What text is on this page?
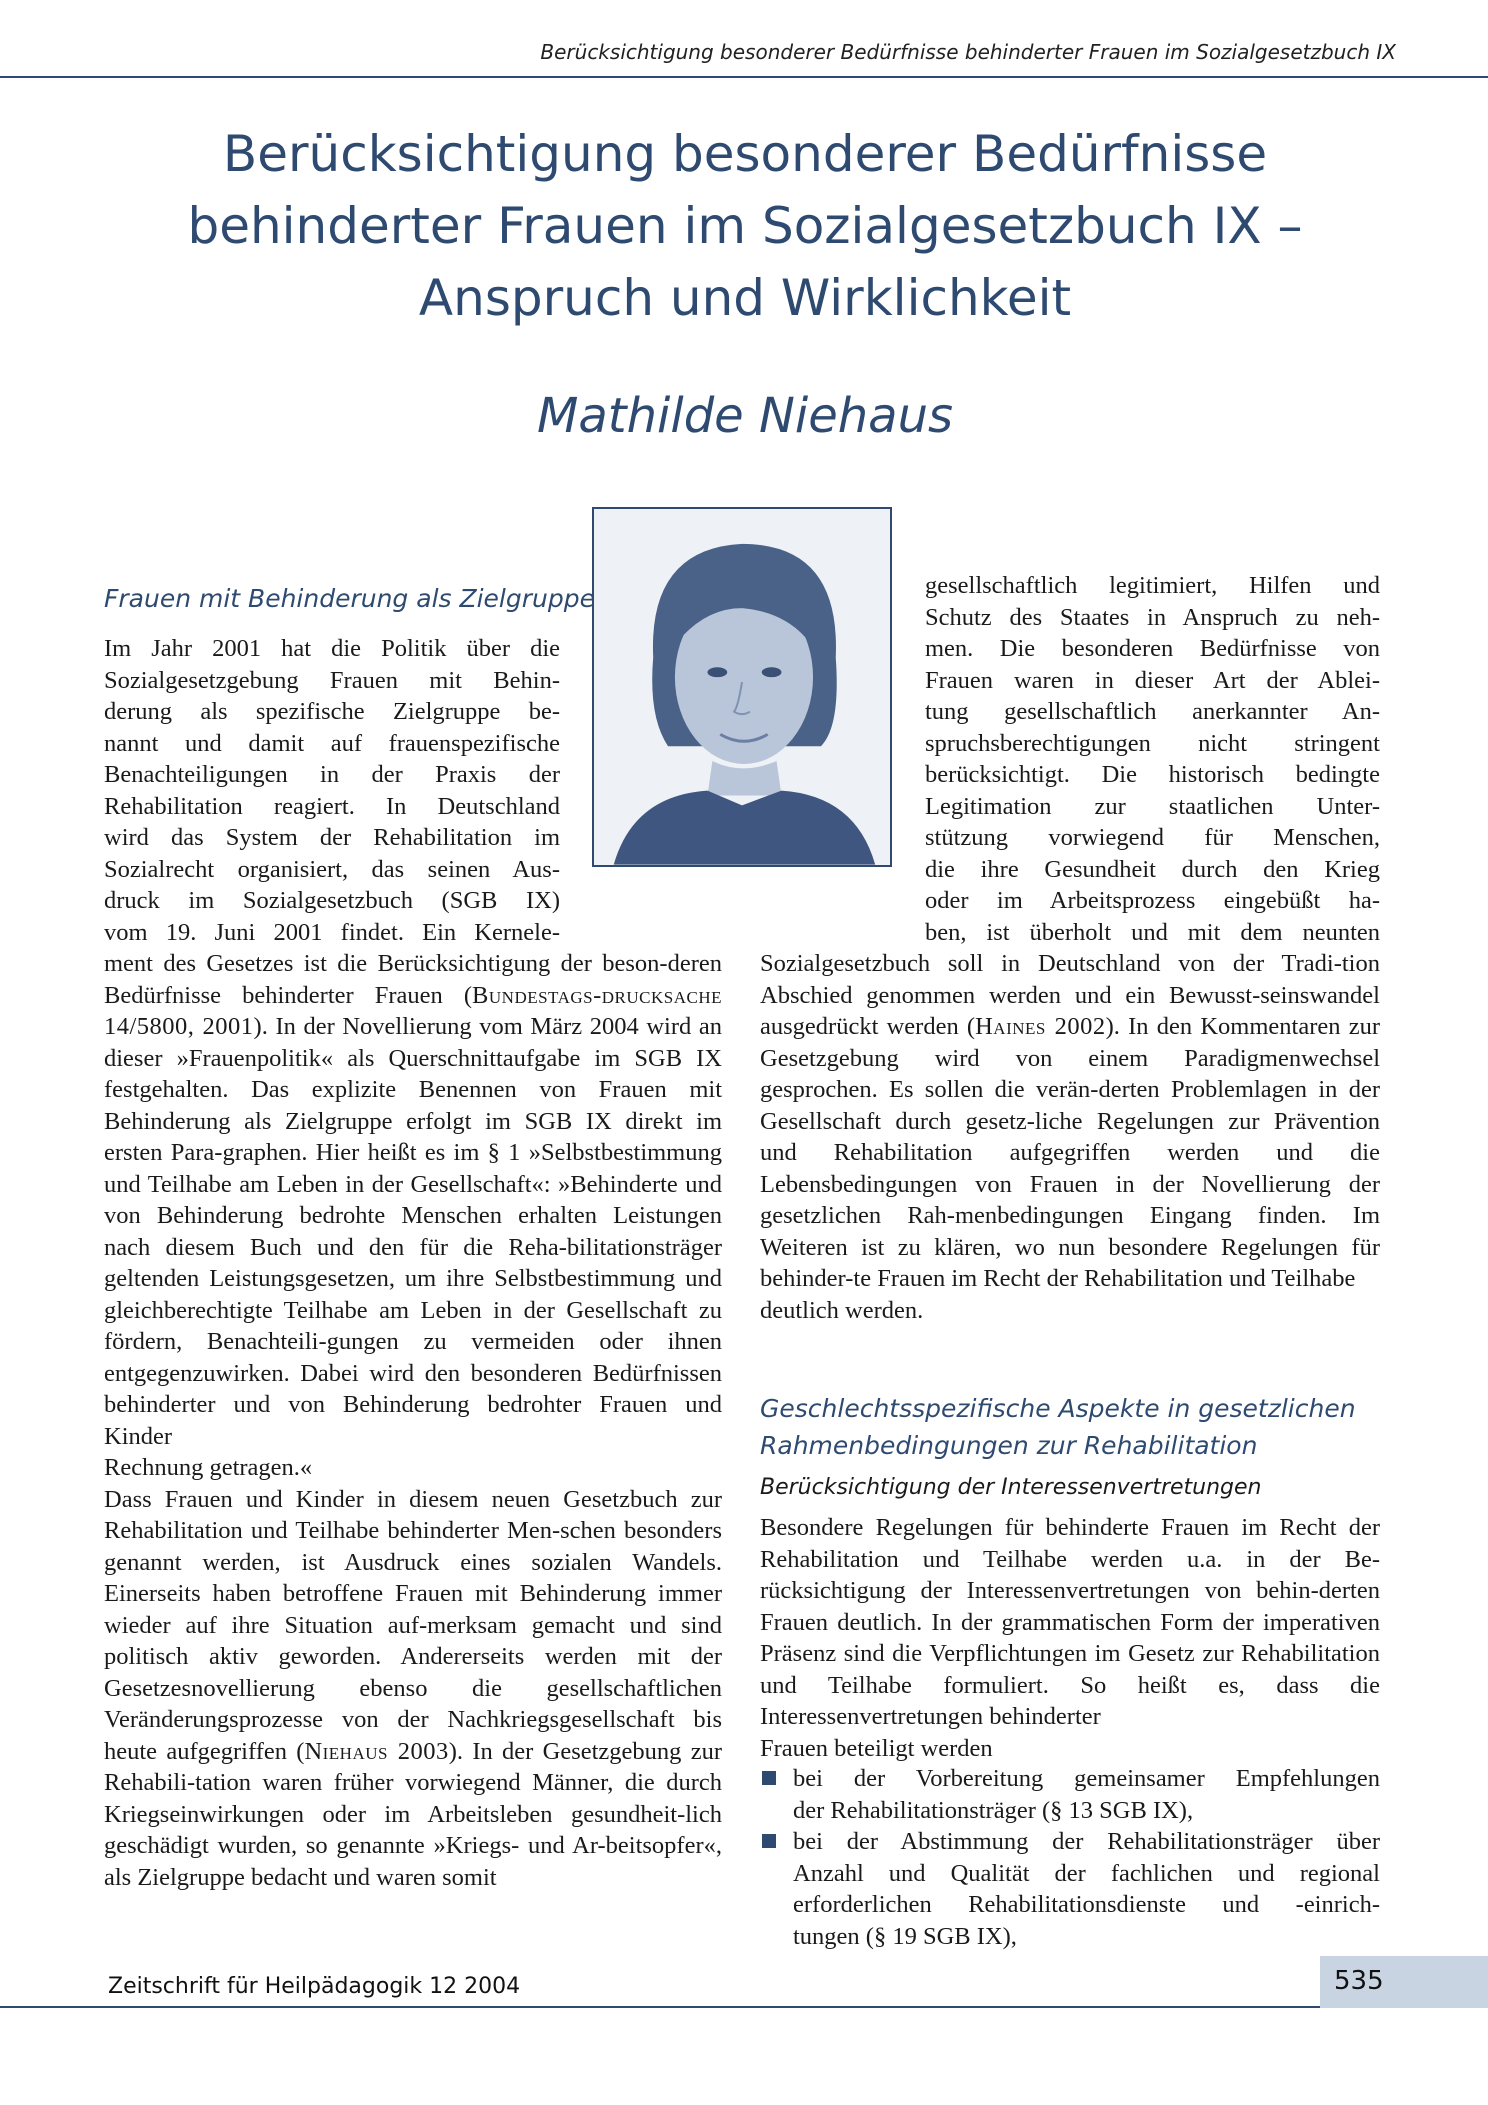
Berücksichtigung besonderer Bedürfnisse behinderter Frauen im Sozialgesetzbuch IX
Berücksichtigung besonderer Bedürfnisse
behinderter Frauen im Sozialgesetzbuch IX –
Anspruch und Wirklichkeit
Mathilde Niehaus
Frauen mit Behinderung als Zielgruppe
Im Jahr 2001 hat die Politik über die
Sozialgesetzgebung Frauen mit Behin-
derung als spezifische Zielgruppe be-
nannt und damit auf frauenspezifische
Benachteiligungen in der Praxis der
Rehabilitation reagiert. In Deutschland
wird das System der Rehabilitation im
Sozialrecht organisiert, das seinen Aus-
druck im Sozialgesetzbuch (SGB IX)
vom 19. Juni 2001 findet. Ein Kernele-

ment des Gesetzes ist die Berücksichtigung der beson-deren Bedürfnisse behinderter Frauen (Bundestags-drucksache 14/5800, 2001). In der Novellierung vom März 2004 wird an dieser »Frauenpolitik« als Querschnittaufgabe im SGB IX festgehalten. Das explizite Benennen von Frauen mit Behinderung als Zielgruppe erfolgt im SGB IX direkt im ersten Para-graphen. Hier heißt es im § 1 »Selbstbestimmung und Teilhabe am Leben in der Gesellschaft«: »Behinderte und von Behinderung bedrohte Menschen erhalten Leistungen nach diesem Buch und den für die Reha-bilitationsträger geltenden Leistungsgesetzen, um ihre Selbstbestimmung und gleichberechtigte Teilhabe am Leben in der Gesellschaft zu fördern, Benachteili-gungen zu vermeiden oder ihnen entgegenzuwirken. Dabei wird den besonderen Bedürfnissen behinderter und von Behinderung bedrohter Frauen und Kinder
Rechnung getragen.«

Dass Frauen und Kinder in diesem neuen Gesetzbuch zur Rehabilitation und Teilhabe behinderter Men-schen besonders genannt werden, ist Ausdruck eines sozialen Wandels. Einerseits haben betroffene Frauen mit Behinderung immer wieder auf ihre Situation auf-merksam gemacht und sind politisch aktiv geworden. Andererseits werden mit der Gesetzesnovellierung ebenso die gesellschaftlichen Veränderungsprozesse von der Nachkriegsgesellschaft bis heute aufgegriffen (Niehaus 2003). In der Gesetzgebung zur Rehabili-tation waren früher vorwiegend Männer, die durch Kriegseinwirkungen oder im Arbeitsleben gesundheit-lich geschädigt wurden, so genannte »Kriegs- und Ar-beitsopfer«, als Zielgruppe bedacht und waren somit

gesellschaftlich legitimiert, Hilfen und
Schutz des Staates in Anspruch zu neh-
men. Die besonderen Bedürfnisse von
Frauen waren in dieser Art der Ablei-
tung gesellschaftlich anerkannter An-
spruchsberechtigungen nicht stringent
berücksichtigt. Die historisch bedingte
Legitimation zur staatlichen Unter-
stützung vorwiegend für Menschen,
die ihre Gesundheit durch den Krieg
oder im Arbeitsprozess eingebüßt ha-
ben, ist überholt und mit dem neunten

Sozialgesetzbuch soll in Deutschland von der Tradi-tion Abschied genommen werden und ein Bewusst-seinswandel ausgedrückt werden (Haines 2002). In den Kommentaren zur Gesetzgebung wird von einem Paradigmenwechsel gesprochen. Es sollen die verän-derten Problemlagen in der Gesellschaft durch gesetz-liche Regelungen zur Prävention und Rehabilitation aufgegriffen werden und die Lebensbedingungen von Frauen in der Novellierung der gesetzlichen Rah-menbedingungen Eingang finden. Im Weiteren ist zu klären, wo nun besondere Regelungen für behinder-te Frauen im Recht der Rehabilitation und Teilhabe
deutlich werden.

Geschlechtsspezifische Aspekte in gesetzlichen
Rahmenbedingungen zur Rehabilitation
Berücksichtigung der Interessenvertretungen

Besondere Regelungen für behinderte Frauen im Recht der Rehabilitation und Teilhabe werden u.a. in der Be-rücksichtigung der Interessenvertretungen von behin-derten Frauen deutlich. In der grammatischen Form der imperativen Präsenz sind die Verpflichtungen im Gesetz zur Rehabilitation und Teilhabe formuliert. So heißt es, dass die Interessenvertretungen behinderter
Frauen beteiligt werden

bei der Vorbereitung gemeinsamer Empfehlungen
der Rehabilitationsträger (§ 13 SGB IX),
bei der Abstimmung der Rehabilitationsträger über
Anzahl und Qualität der fachlichen und regional
erforderlichen Rehabilitationsdienste und -einrich-
tungen (§ 19 SGB IX),
Zeitschrift für Heilpädagogik 12 2004	535
